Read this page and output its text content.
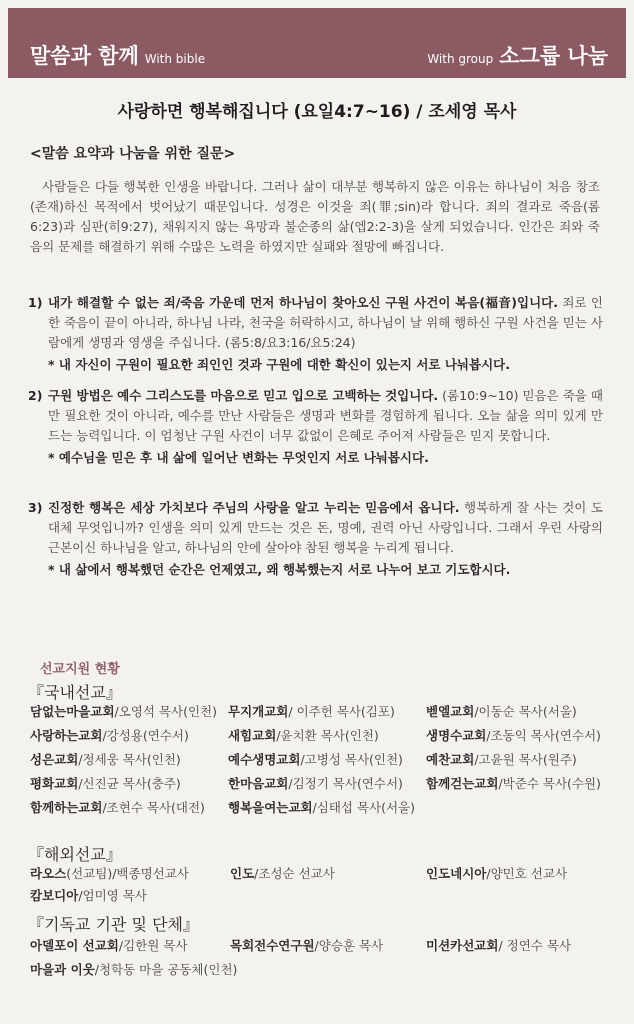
말씀과 함께 With bible	With group 소그룹 나눔
사랑하면 행복해집니다 (요일4:7~16) / 조세영 목사
<말씀 요약과 나눔을 위한 질문>

사람들은 다들 행복한 인생을 바랍니다. 그러나 삶이 대부분 행복하지 않은 이유는 하나님이 처음 창조(존재)하신 목적에서 벗어났기 때문입니다. 성경은 이것을 죄(罪;sin)라 합니다. 죄의 결과로 죽음(롬6:23)과 심판(히9:27), 채워지지 않는 욕망과 불순종의 삶(엡2:2-3)을 살게 되었습니다. 인간은 죄와 죽음의 문제를 해결하기 위해 수많은 노력을 하였지만 실패와 절망에 빠집니다.

1) 내가 해결할 수 없는 죄/죽음 가운데 먼저 하나님이 찾아오신 구원 사건이 복음(福音)입니다. 죄로 인한 죽음이 끝이 아니라, 하나님 나라, 천국을 허락하시고, 하나님이 날 위해 행하신 구원 사건을 믿는 사람에게 생명과 영생을 주십니다. (롬5:8/요3:16/요5:24)
* 내 자신이 구원이 필요한 죄인인 것과 구원에 대한 확신이 있는지 서로 나눠봅시다.
2) 구원 방법은 예수 그리스도를 마음으로 믿고 입으로 고백하는 것입니다. (롬10:9~10) 믿음은 죽을 때만 필요한 것이 아니라, 예수를 만난 사람들은 생명과 변화를 경험하게 됩니다. 오늘 삶을 의미 있게 만드는 능력입니다. 이 엄청난 구원 사건이 너무 값없이 은혜로 주어져 사람들은 믿지 못합니다.
* 예수님을 믿은 후 내 삶에 일어난 변화는 무엇인지 서로 나눠봅시다.
3) 진정한 행복은 세상 가치보다 주님의 사랑을 알고 누리는 믿음에서 옵니다. 행복하게 잘 사는 것이 도대체 무엇입니까? 인생을 의미 있게 만드는 것은 돈, 명예, 권력 아닌 사랑입니다. 그래서 우린 사랑의 근본이신 하나님을 알고, 하나님의 안에 살아야 참된 행복을 누리게 됩니다.
* 내 삶에서 행복했던 순간은 언제였고, 왜 행복했는지 서로 나누어 보고 기도합시다.
선교지원 현황
『국내선교』
담없는마을교회/오영석 목사(인천) 무지개교회/ 이주헌 목사(김포) 벧엘교회/이동순 목사(서울)
사랑하는교회/강성용(연수서)	새힘교회/윤치환 목사(인천)	생명수교회/조동익 목사(연수서)
성은교회/정세웅 목사(인천)	예수생명교회/고병성 목사(인천) 예찬교회/고윤원 목사(원주)
평화교회/신진균 목사(충주)	한마음교회/김정기 목사(연수서) 함께걷는교회/박준수 목사(수원)
함께하는교회/조현수 목사(대전) 행복을여는교회/심태섭 목사(서울)
『해외선교』
라오스(선교팀)/백종명선교사	인도/조성순 선교사	인도네시아/양민호 선교사
캄보디아/엄미영 목사
『기독교 기관 및 단체』
아델포이 선교회/김한원 목사	목회전수연구원/양승훈 목사	미션카선교회/ 정연수 목사
마을과 이웃/청학동 마을 공동체(인천)
